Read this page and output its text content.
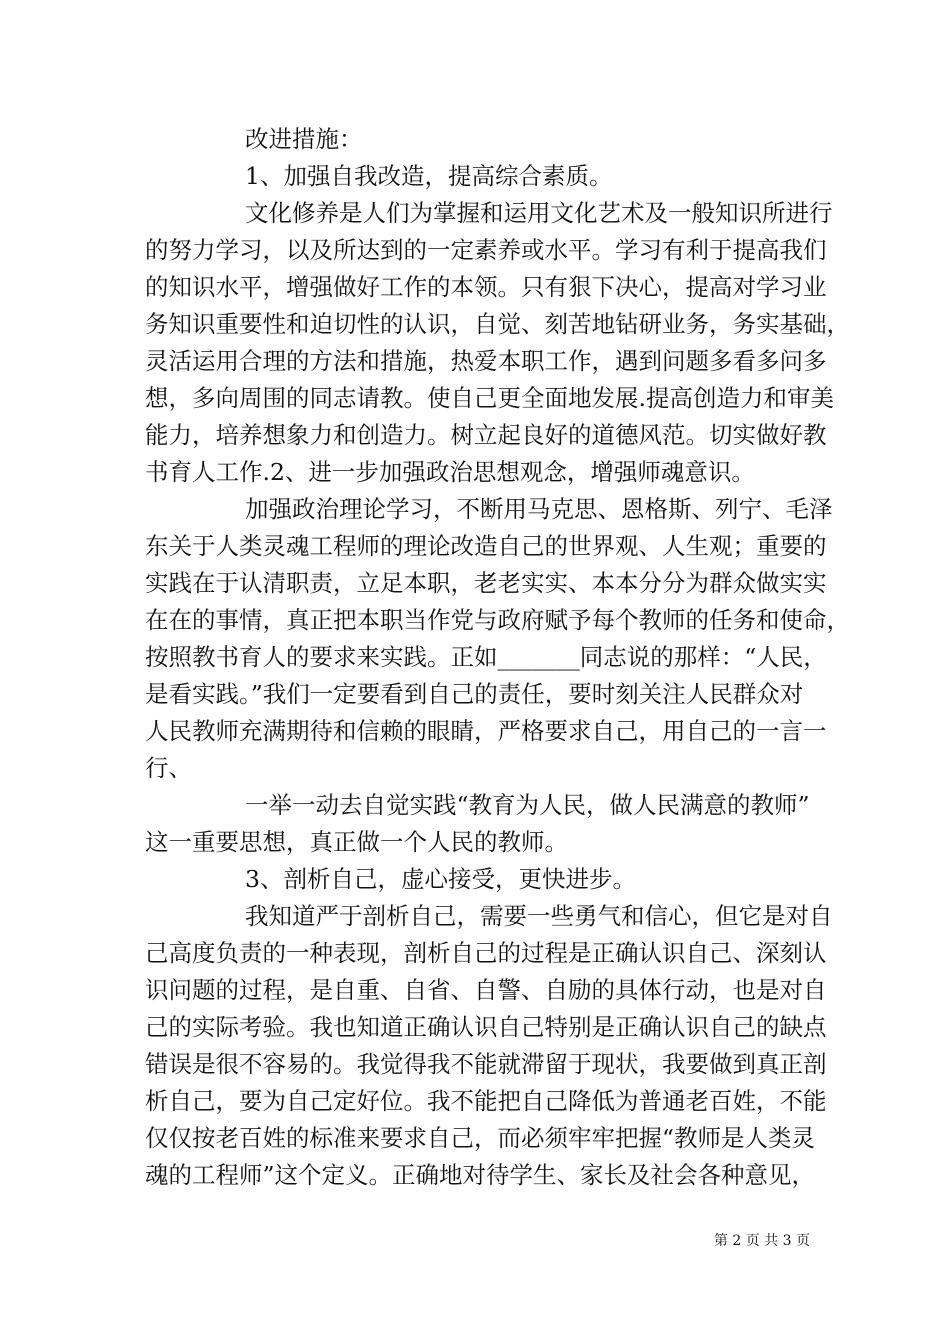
改进措施：
1、加强自我改造，提高综合素质。
文化修养是人们为掌握和运用文化艺术及一般知识所进行
的努力学习，以及所达到的一定素养或水平。学习有利于提高我们
的知识水平，增强做好工作的本领。只有狠下决心，提高对学习业
务知识重要性和迫切性的认识，自觉、刻苦地钻研业务，务实基础，
灵活运用合理的方法和措施，热爱本职工作，遇到问题多看多问多
想，多向周围的同志请教。使自己更全面地发展.提高创造力和审美
能力，培养想象力和创造力。树立起良好的道德风范。切实做好教
书育人工作.2、进一步加强政治思想观念，增强师魂意识。
加强政治理论学习，不断用马克思、恩格斯、列宁、毛泽
东关于人类灵魂工程师的理论改造自己的世界观、人生观；重要的
实践在于认清职责，立足本职，老老实实、本本分分为群众做实实
在在的事情，真正把本职当作党与政府赋予每个教师的任务和使命，
按照教书育人的要求来实践。正如_______同志说的那样：“人民，
是看实践。”我们一定要看到自己的责任，要时刻关注人民群众对
人民教师充满期待和信赖的眼睛，严格要求自己，用自己的一言一
行、
一举一动去自觉实践“教育为人民，做人民满意的教师”
这一重要思想，真正做一个人民的教师。
3、剖析自己，虚心接受，更快进步。
我知道严于剖析自己，需要一些勇气和信心，但它是对自
己高度负责的一种表现，剖析自己的过程是正确认识自己、深刻认
识问题的过程，是自重、自省、自警、自励的具体行动，也是对自
己的实际考验。我也知道正确认识自己特别是正确认识自己的缺点
错误是很不容易的。我觉得我不能就滞留于现状，我要做到真正剖
析自己，要为自己定好位。我不能把自己降低为普通老百姓，不能
仅仅按老百姓的标准来要求自己，而必须牢牢把握“教师是人类灵
魂的工程师”这个定义。正确地对待学生、家长及社会各种意见，
第 2 页 共 3 页
